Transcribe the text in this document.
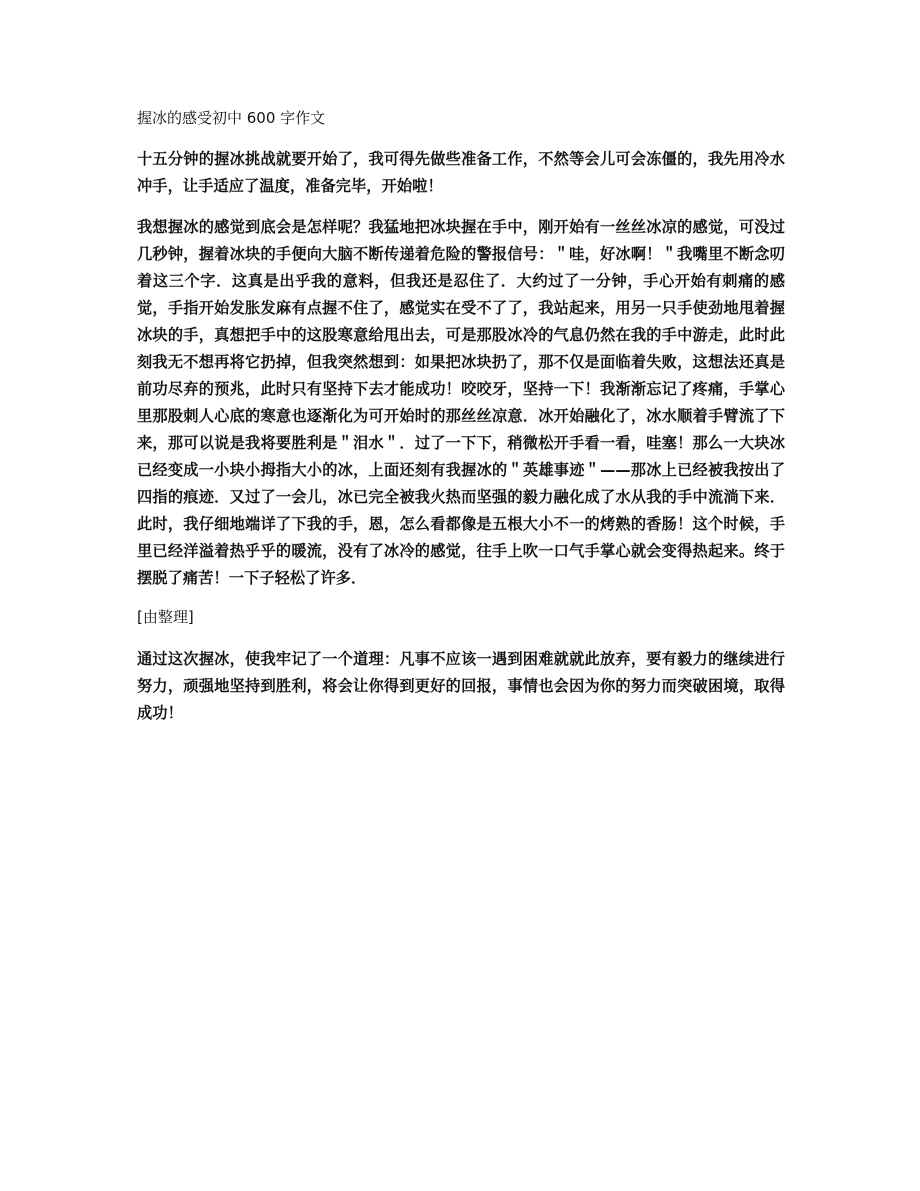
握冰的感受初中 600 字作文

十五分钟的握冰挑战就要开始了，我可得先做些准备工作，不然等会儿可会冻僵的，我先用冷水冲手，让手适应了温度，准备完毕，开始啦！

我想握冰的感觉到底会是怎样呢？我猛地把冰块握在手中，刚开始有一丝丝冰凉的感觉，可没过几秒钟，握着冰块的手便向大脑不断传递着危险的警报信号：＂哇，好冰啊！＂我嘴里不断念叨着这三个字．这真是出乎我的意料，但我还是忍住了．大约过了一分钟，手心开始有刺痛的感觉，手指开始发胀发麻有点握不住了，感觉实在受不了了，我站起来，用另一只手使劲地甩着握冰块的手，真想把手中的这股寒意给甩出去，可是那股冰冷的气息仍然在我的手中游走，此时此刻我无不想再将它扔掉，但我突然想到：如果把冰块扔了，那不仅是面临着失败，这想法还真是前功尽弃的预兆，此时只有坚持下去才能成功！咬咬牙，坚持一下！我渐渐忘记了疼痛，手掌心里那股刺人心底的寒意也逐渐化为可开始时的那丝丝凉意．冰开始融化了，冰水顺着手臂流了下来，那可以说是我将要胜利是＂泪水＂．过了一下下，稍微松开手看一看，哇塞！那么一大块冰已经变成一小块小拇指大小的冰，上面还刻有我握冰的＂英雄事迹＂——那冰上已经被我按出了四指的痕迹．又过了一会儿，冰已完全被我火热而坚强的毅力融化成了水从我的手中流淌下来．此时，我仔细地端详了下我的手，恩，怎么看都像是五根大小不一的烤熟的香肠！这个时候，手里已经洋溢着热乎乎的暖流，没有了冰冷的感觉，往手上吹一口气手掌心就会变得热起来。终于摆脱了痛苦！一下子轻松了许多．

[由整理]

通过这次握冰，使我牢记了一个道理：凡事不应该一遇到困难就就此放弃，要有毅力的继续进行努力，顽强地坚持到胜利，将会让你得到更好的回报，事情也会因为你的努力而突破困境，取得成功！
